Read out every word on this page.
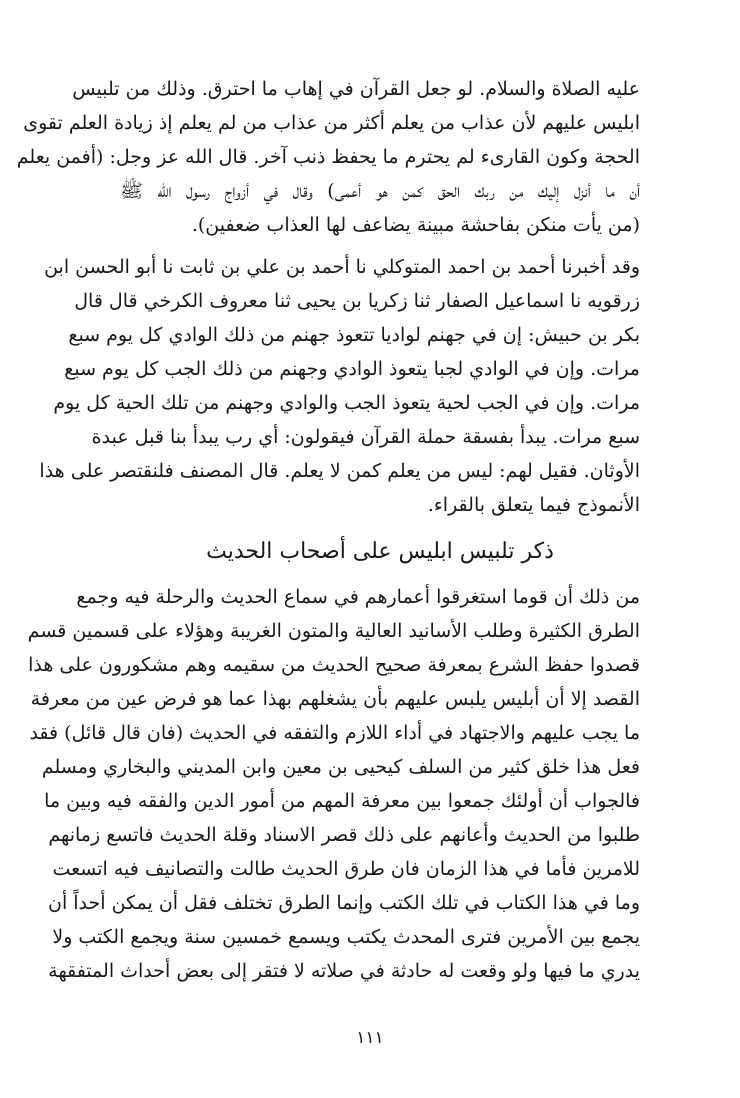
عليه الصلاة والسلام. لو جعل القرآن في إهاب ما احترق. وذلك من تلبيس
ابليس عليهم لأن عذاب من يعلم أكثر من عذاب من لم يعلم إذ زيادة العلم تقوى
الحجة وكون القارىء لم يحترم ما يحفظ ذنب آخر. قال الله عز وجل: (أفمن يعلم
أن ما أنزل إليك من ربك الحق كمن هو أعمى) وقال في أزواج رسول الله ﷺ
(من يأت منكن بفاحشة مبينة يضاعف لها العذاب ضعفين).
وقد أخبرنا أحمد بن احمد المتوكلي نا أحمد بن علي بن ثابت نا أبو الحسن ابن
زرقويه نا اسماعيل الصفار ثنا زكريا بن يحيى ثنا معروف الكرخي قال قال
بكر بن حبيش: إن في جهنم لواديا تتعوذ جهنم من ذلك الوادي كل يوم سبع
مرات. وإن في الوادي لجبا يتعوذ الوادي وجهنم من ذلك الجب كل يوم سبع
مرات. وإن في الجب لحية يتعوذ الجب والوادي وجهنم من تلك الحية كل يوم
سبع مرات. يبدأ بفسقة حملة القرآن فيقولون: أي رب يبدأ بنا قبل عبدة
الأوثان. فقيل لهم: ليس من يعلم كمن لا يعلم. قال المصنف فلنقتصر على هذا
الأنموذج فيما يتعلق بالقراء.
ذكر تلبيس ابليس على أصحاب الحديث
من ذلك أن قوما استغرقوا أعمارهم في سماع الحديث والرحلة فيه وجمع
الطرق الكثيرة وطلب الأسانيد العالية والمتون الغريبة وهؤلاء على قسمين قسم
قصدوا حفظ الشرع بمعرفة صحيح الحديث من سقيمه وهم مشكورون على هذا
القصد إلا أن أبليس يلبس عليهم بأن يشغلهم بهذا عما هو فرض عين من معرفة
ما يجب عليهم والاجتهاد في أداء اللازم والتفقه في الحديث (فان قال قائل) فقد
فعل هذا خلق كثير من السلف كيحيى بن معين وابن المديني والبخاري ومسلم
فالجواب أن أولئك جمعوا بين معرفة المهم من أمور الدين والفقه فيه وبين ما
طلبوا من الحديث وأعانهم على ذلك قصر الاسناد وقلة الحديث فاتسع زمانهم
للامرين فأما في هذا الزمان فان طرق الحديث طالت والتصانيف فيه اتسعت
وما في هذا الكتاب في تلك الكتب وإنما الطرق تختلف فقل أن يمكن أحداً أن
يجمع بين الأمرين فترى المحدث يكتب ويسمع خمسين سنة ويجمع الكتب ولا
يدري ما فيها ولو وقعت له حادثة في صلاته لا فتقر إلى بعض أحداث المتفقهة
١١١
